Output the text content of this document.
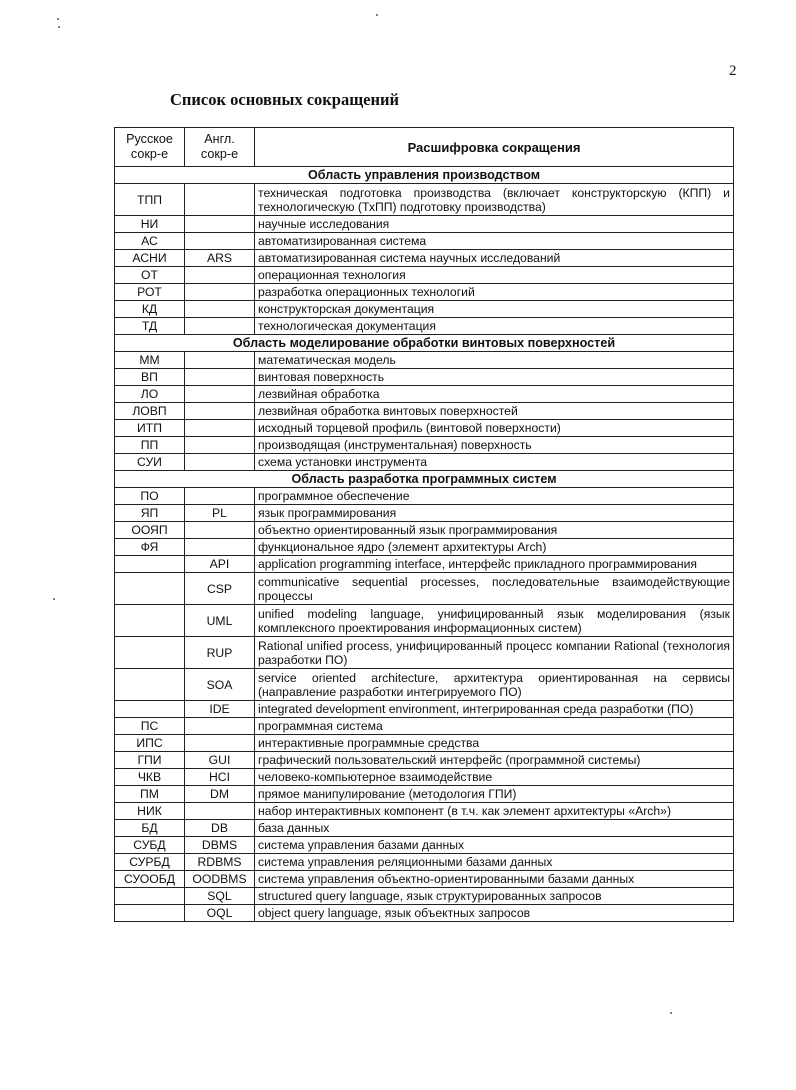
2
Список основных сокращений
Русское сокр-е	Англ. сокр-е	Расшифровка сокращения
Область управления производством		
ТПП		техническая подготовка производства (включает конструкторскую (КПП) и технологическую (ТхПП) подготовку производства)
НИ		научные исследования
АС		автоматизированная система
АСНИ	ARS	автоматизированная система научных исследований
ОТ		операционная технология
РОТ		разработка операционных технологий
КД		конструкторская документация
ТД		технологическая документация
Область моделирование обработки винтовых поверхностей		
ММ		математическая модель
ВП		винтовая поверхность
ЛО		лезвийная обработка
ЛОВП		лезвийная обработка винтовых поверхностей
ИТП		исходный торцевой профиль (винтовой поверхности)
ПП		производящая (инструментальная) поверхность
СУИ		схема установки инструмента
Область разработка программных систем		
ПО		программное обеспечение
ЯП	PL	язык программирования
ООЯП		объектно ориентированный язык программирования
ФЯ		функциональное ядро (элемент архитектуры Arch)
	API	application programming interface, интерфейс прикладного программирования
	CSP	communicative sequential processes, последовательные взаимодействующие процессы
	UML	unified modeling language, унифицированный язык моделирования (язык комплексного проектирования информационных систем)
	RUP	Rational unified process, унифицированный процесс компании Rational (технология разработки ПО)
	SOA	service oriented architecture, архитектура ориентированная на сервисы (направление разработки интегрируемого ПО)
	IDE	integrated development environment, интегрированная среда разработки (ПО)
ПС		программная система
ИПС		интерактивные программные средства
ГПИ	GUI	графический пользовательский интерфейс (программной системы)
ЧКВ	HCI	человеко-компьютерное взаимодействие
ПМ	DM	прямое манипулирование (методология ГПИ)
НИК		набор интерактивных компонент (в т.ч. как элемент архитектуры «Arch»)
БД	DB	база данных
СУБД	DBMS	система управления базами данных
СУРБД	RDBMS	система управления реляционными базами данных
СУООБД	OODBMS	система управления объектно-ориентированными базами данных
	SQL	structured query language, язык структурированных запросов
	OQL	object query language, язык объектных запросов
